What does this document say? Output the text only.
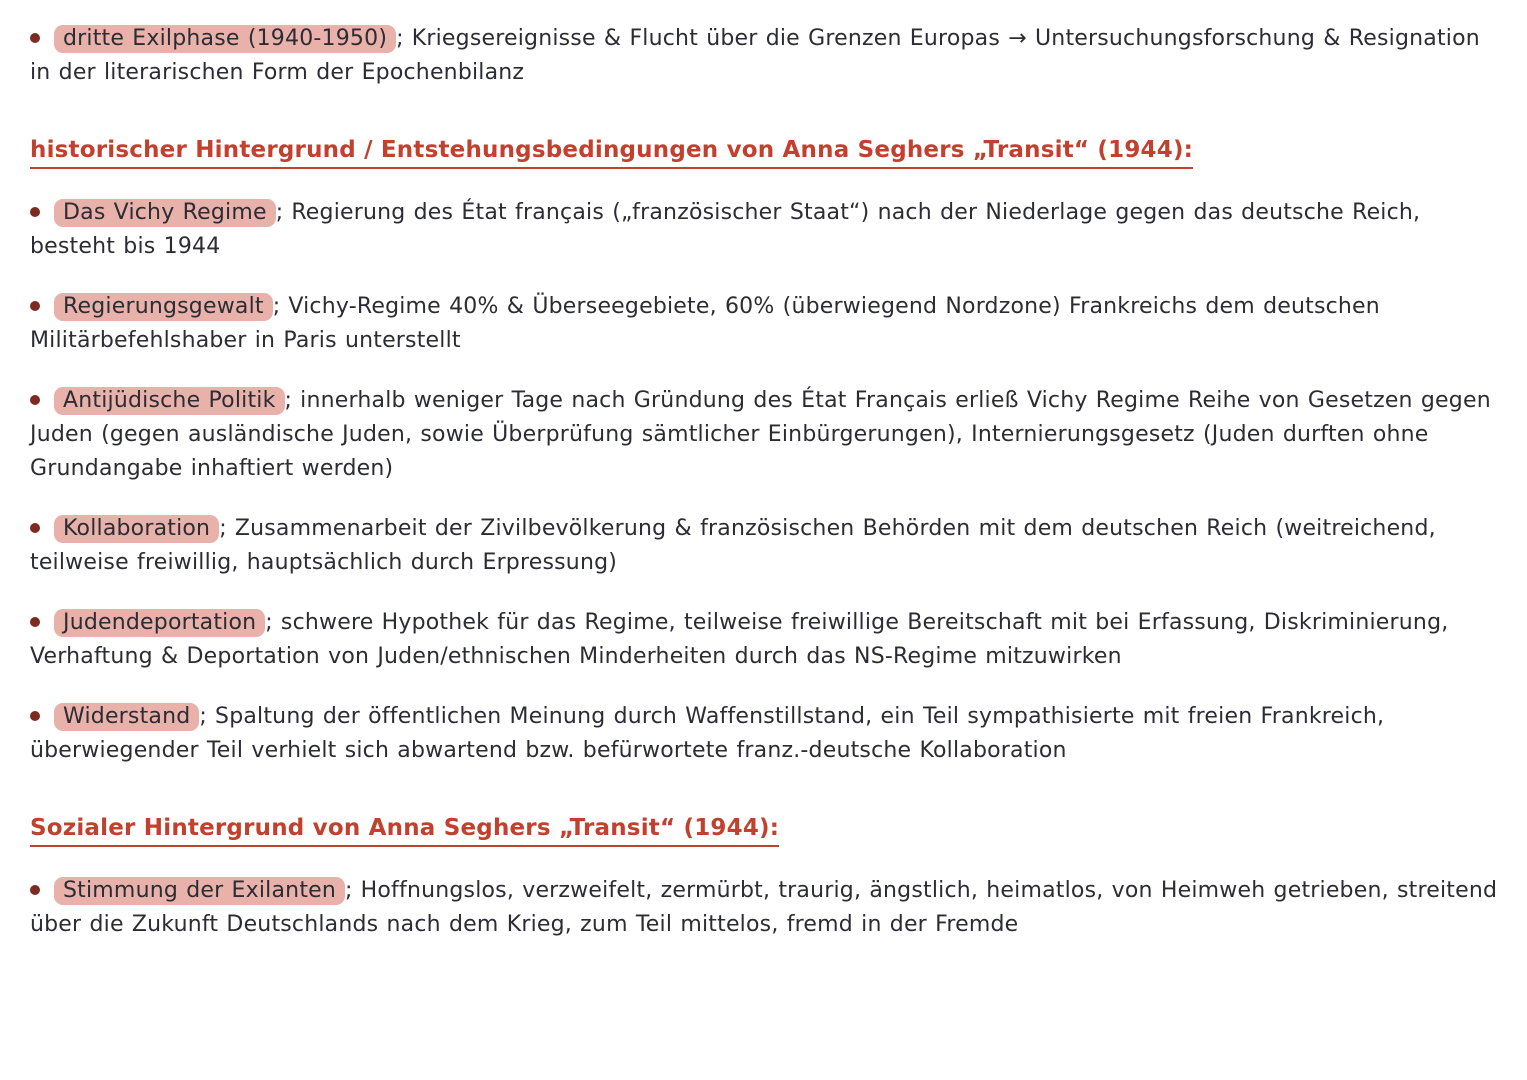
dritte Exilphase (1940-1950) ; Kriegsereignisse & Flucht über die Grenzen Europas → Untersuchungsforschung & Resignation in der literarischen Form der Epochenbilanz

historischer Hintergrund / Entstehungsbedingungen von Anna Seghers „Transit“ (1944):

Das Vichy Regime ; Regierung des État français („französischer Staat“) nach der Niederlage gegen das deutsche Reich, besteht bis 1944

Regierungsgewalt ; Vichy-Regime 40% & Überseegebiete, 60% (überwiegend Nordzone) Frankreichs dem deutschen Militärbefehlshaber in Paris unterstellt

Antijüdische Politik ; innerhalb weniger Tage nach Gründung des État Français erließ Vichy Regime Reihe von Gesetzen gegen Juden (gegen ausländische Juden, sowie Überprüfung sämtlicher Einbürgerungen), Internierungsgesetz (Juden durften ohne Grundangabe inhaftiert werden)

Kollaboration ; Zusammenarbeit der Zivilbevölkerung & französischen Behörden mit dem deutschen Reich (weitreichend, teilweise freiwillig, hauptsächlich durch Erpressung)

Judendeportation ; schwere Hypothek für das Regime, teilweise freiwillige Bereitschaft mit bei Erfassung, Diskriminierung, Verhaftung & Deportation von Juden/ethnischen Minderheiten durch das NS-Regime mitzuwirken

Widerstand ; Spaltung der öffentlichen Meinung durch Waffenstillstand, ein Teil sympathisierte mit freien Frankreich, überwiegender Teil verhielt sich abwartend bzw. befürwortete franz.-deutsche Kollaboration

Sozialer Hintergrund von Anna Seghers „Transit“ (1944):

Stimmung der Exilanten ; Hoffnungslos, verzweifelt, zermürbt, traurig, ängstlich, heimatlos, von Heimweh getrieben, streitend über die Zukunft Deutschlands nach dem Krieg, zum Teil mittelos, fremd in der Fremde
